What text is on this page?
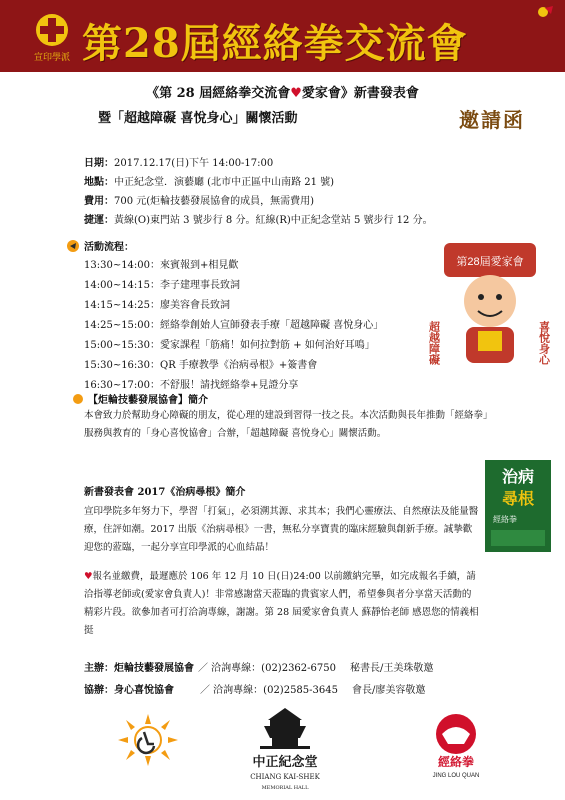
宣印學派 第28屆經絡拳交流會
《第 28 屆經絡拳交流會♥愛家會》新書發表會
暨「超越障礙 喜悅身心」關懷活動	邀請函
日期：2017.12.17(日)下午 14:00-17:00
地點：中正紀念堂．演藝廳 (北市中正區中山南路 21 號)
費用：700 元(炬輪技藝發展協會的成員，無需費用)
捷運：黃線(O)東門站 3 號步行 8 分。紅線(R)中正紀念堂站 5 號步行 12 分。
活動流程：
13:30~14:00：來賓報到+相見歡
14:00~14:15：李子建理事長致詞
14:15~14:25：廖美容會長致詞
14:25~15:00：經絡拳創始人宣師發表手療「超越障礙 喜悅身心」
15:00~15:30：愛家課程「筋痛！如何拉對筋 + 如何治好耳鳴」
15:30~16:30：QR 手療教學《治病尋根》+簽書會
16:30~17:00：不舒服！請找經絡拳+見證分享
第28屆愛家會
超越障礙	喜悅身心
【炬輪技藝發展協會】簡介
本會致力於幫助身心障礙的朋友，從心理的建設到習得一技之長。本次活動與長年推動「經絡拳」服務與教育的「身心喜悅協會」合辦，「超越障礙 喜悅身心」關懷活動。
新書發表會 2017《治病尋根》簡介
宣印學院多年努力下，學習「打氣」，必須溯其源、求其本；我們心靈療法、自然療法及能量醫療，住評如潮。2017 出版《治病尋根》一書，無私分享寶貴的臨床經驗與創新手療。誠摯歡迎您的蒞臨，一起分享宣印學派的心血結晶！
治病
尋根
經絡拳
♥報名並繳費，最遲應於 106 年 12 月 10 日(日)24:00 以前繳納完畢，如完成報名手續，請洽指導老師或(愛家會負責人)！非常感謝當天蒞臨的貴賓家人們，希望參與者分享當天活動的精彩片段。欲參加者可打洽詢專線，謝謝。第 28 屆愛家會負責人 蘇靜怡老師 感恩您的情義相挺
主辦：炬輪技藝發展協會 ／ 洽詢專線：(02)2362-6750 秘書長/王美珠敬邀
協辦：身心喜悅協會	／ 洽詢專線：(02)2585-3645 會長/廖美容敬邀
中正紀念堂
CHIANG KAI-SHEK
MEMORIAL HALL
經絡拳
JING LOU QUAN
